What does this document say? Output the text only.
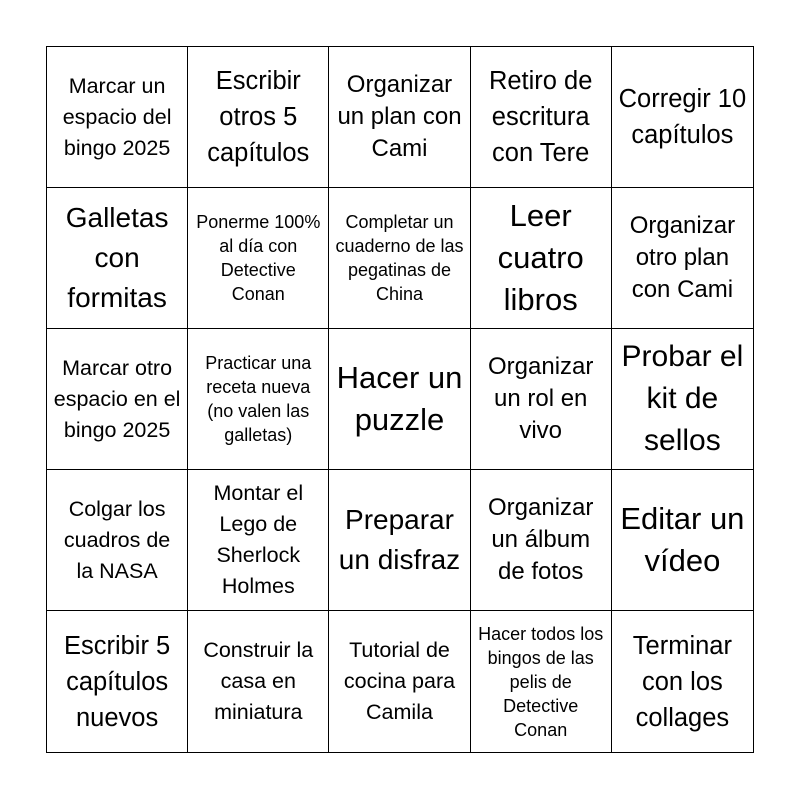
Marcar un espacio del bingo 2025
Escribir otros 5 capítulos
Organizar un plan con Cami
Retiro de escritura con Tere
Corregir 10 capítulos
Galletas con formitas
Ponerme 100% al día con Detective Conan
Completar un cuaderno de las pegatinas de China
Leer cuatro libros
Organizar otro plan con Cami
Marcar otro espacio en el bingo 2025
Practicar una receta nueva (no valen las galletas)
Hacer un puzzle
Organizar un rol en vivo
Probar el kit de sellos
Colgar los cuadros de la NASA
Montar el Lego de Sherlock Holmes
Preparar un disfraz
Organizar un álbum de fotos
Editar un vídeo
Escribir 5 capítulos nuevos
Construir la casa en miniatura
Tutorial de cocina para Camila
Hacer todos los bingos de las pelis de Detective Conan
Terminar con los collages
